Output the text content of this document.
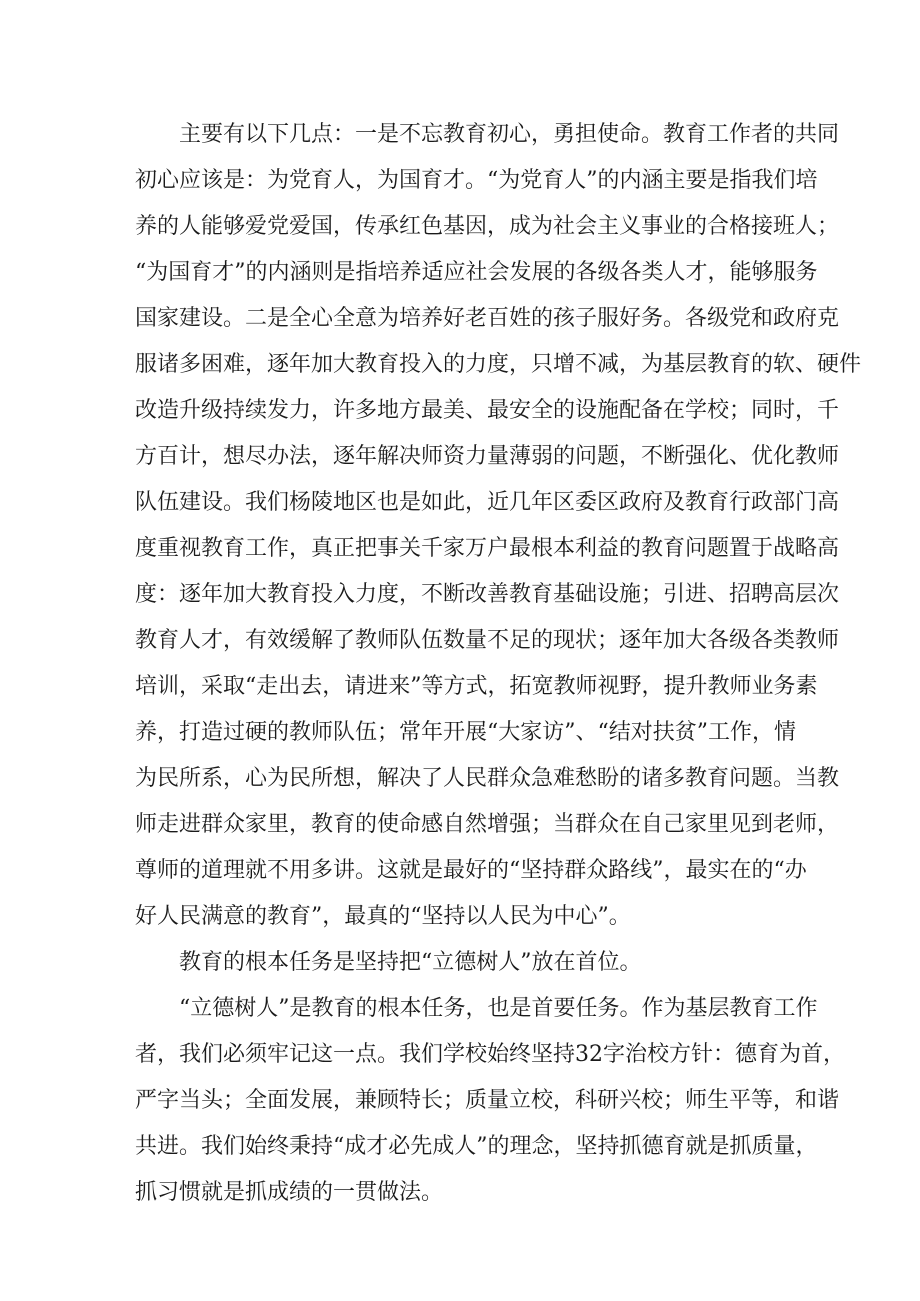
主要有以下几点：一是不忘教育初心，勇担使命。教育工作者的共同
初心应该是：为党育人，为国育才。“为党育人”的内涵主要是指我们培
养的人能够爱党爱国，传承红色基因，成为社会主义事业的合格接班人；
“为国育才”的内涵则是指培养适应社会发展的各级各类人才，能够服务
国家建设。二是全心全意为培养好老百姓的孩子服好务。各级党和政府克
服诸多困难，逐年加大教育投入的力度，只增不减，为基层教育的软、硬件
改造升级持续发力，许多地方最美、最安全的设施配备在学校；同时，千
方百计，想尽办法，逐年解决师资力量薄弱的问题，不断强化、优化教师
队伍建设。我们杨陵地区也是如此，近几年区委区政府及教育行政部门高
度重视教育工作，真正把事关千家万户最根本利益的教育问题置于战略高
度：逐年加大教育投入力度，不断改善教育基础设施；引进、招聘高层次
教育人才，有效缓解了教师队伍数量不足的现状；逐年加大各级各类教师
培训，采取“走出去，请进来”等方式，拓宽教师视野，提升教师业务素
养，打造过硬的教师队伍；常年开展“大家访”、“结对扶贫”工作，情
为民所系，心为民所想，解决了人民群众急难愁盼的诸多教育问题。当教
师走进群众家里，教育的使命感自然增强；当群众在自己家里见到老师，
尊师的道理就不用多讲。这就是最好的“坚持群众路线”，最实在的“办
好人民满意的教育”，最真的“坚持以人民为中心”。
教育的根本任务是坚持把“立德树人”放在首位。
“立德树人”是教育的根本任务，也是首要任务。作为基层教育工作
者，我们必须牢记这一点。我们学校始终坚持32字治校方针：德育为首，
严字当头；全面发展，兼顾特长；质量立校，科研兴校；师生平等，和谐
共进。我们始终秉持“成才必先成人”的理念，坚持抓德育就是抓质量，
抓习惯就是抓成绩的一贯做法。
